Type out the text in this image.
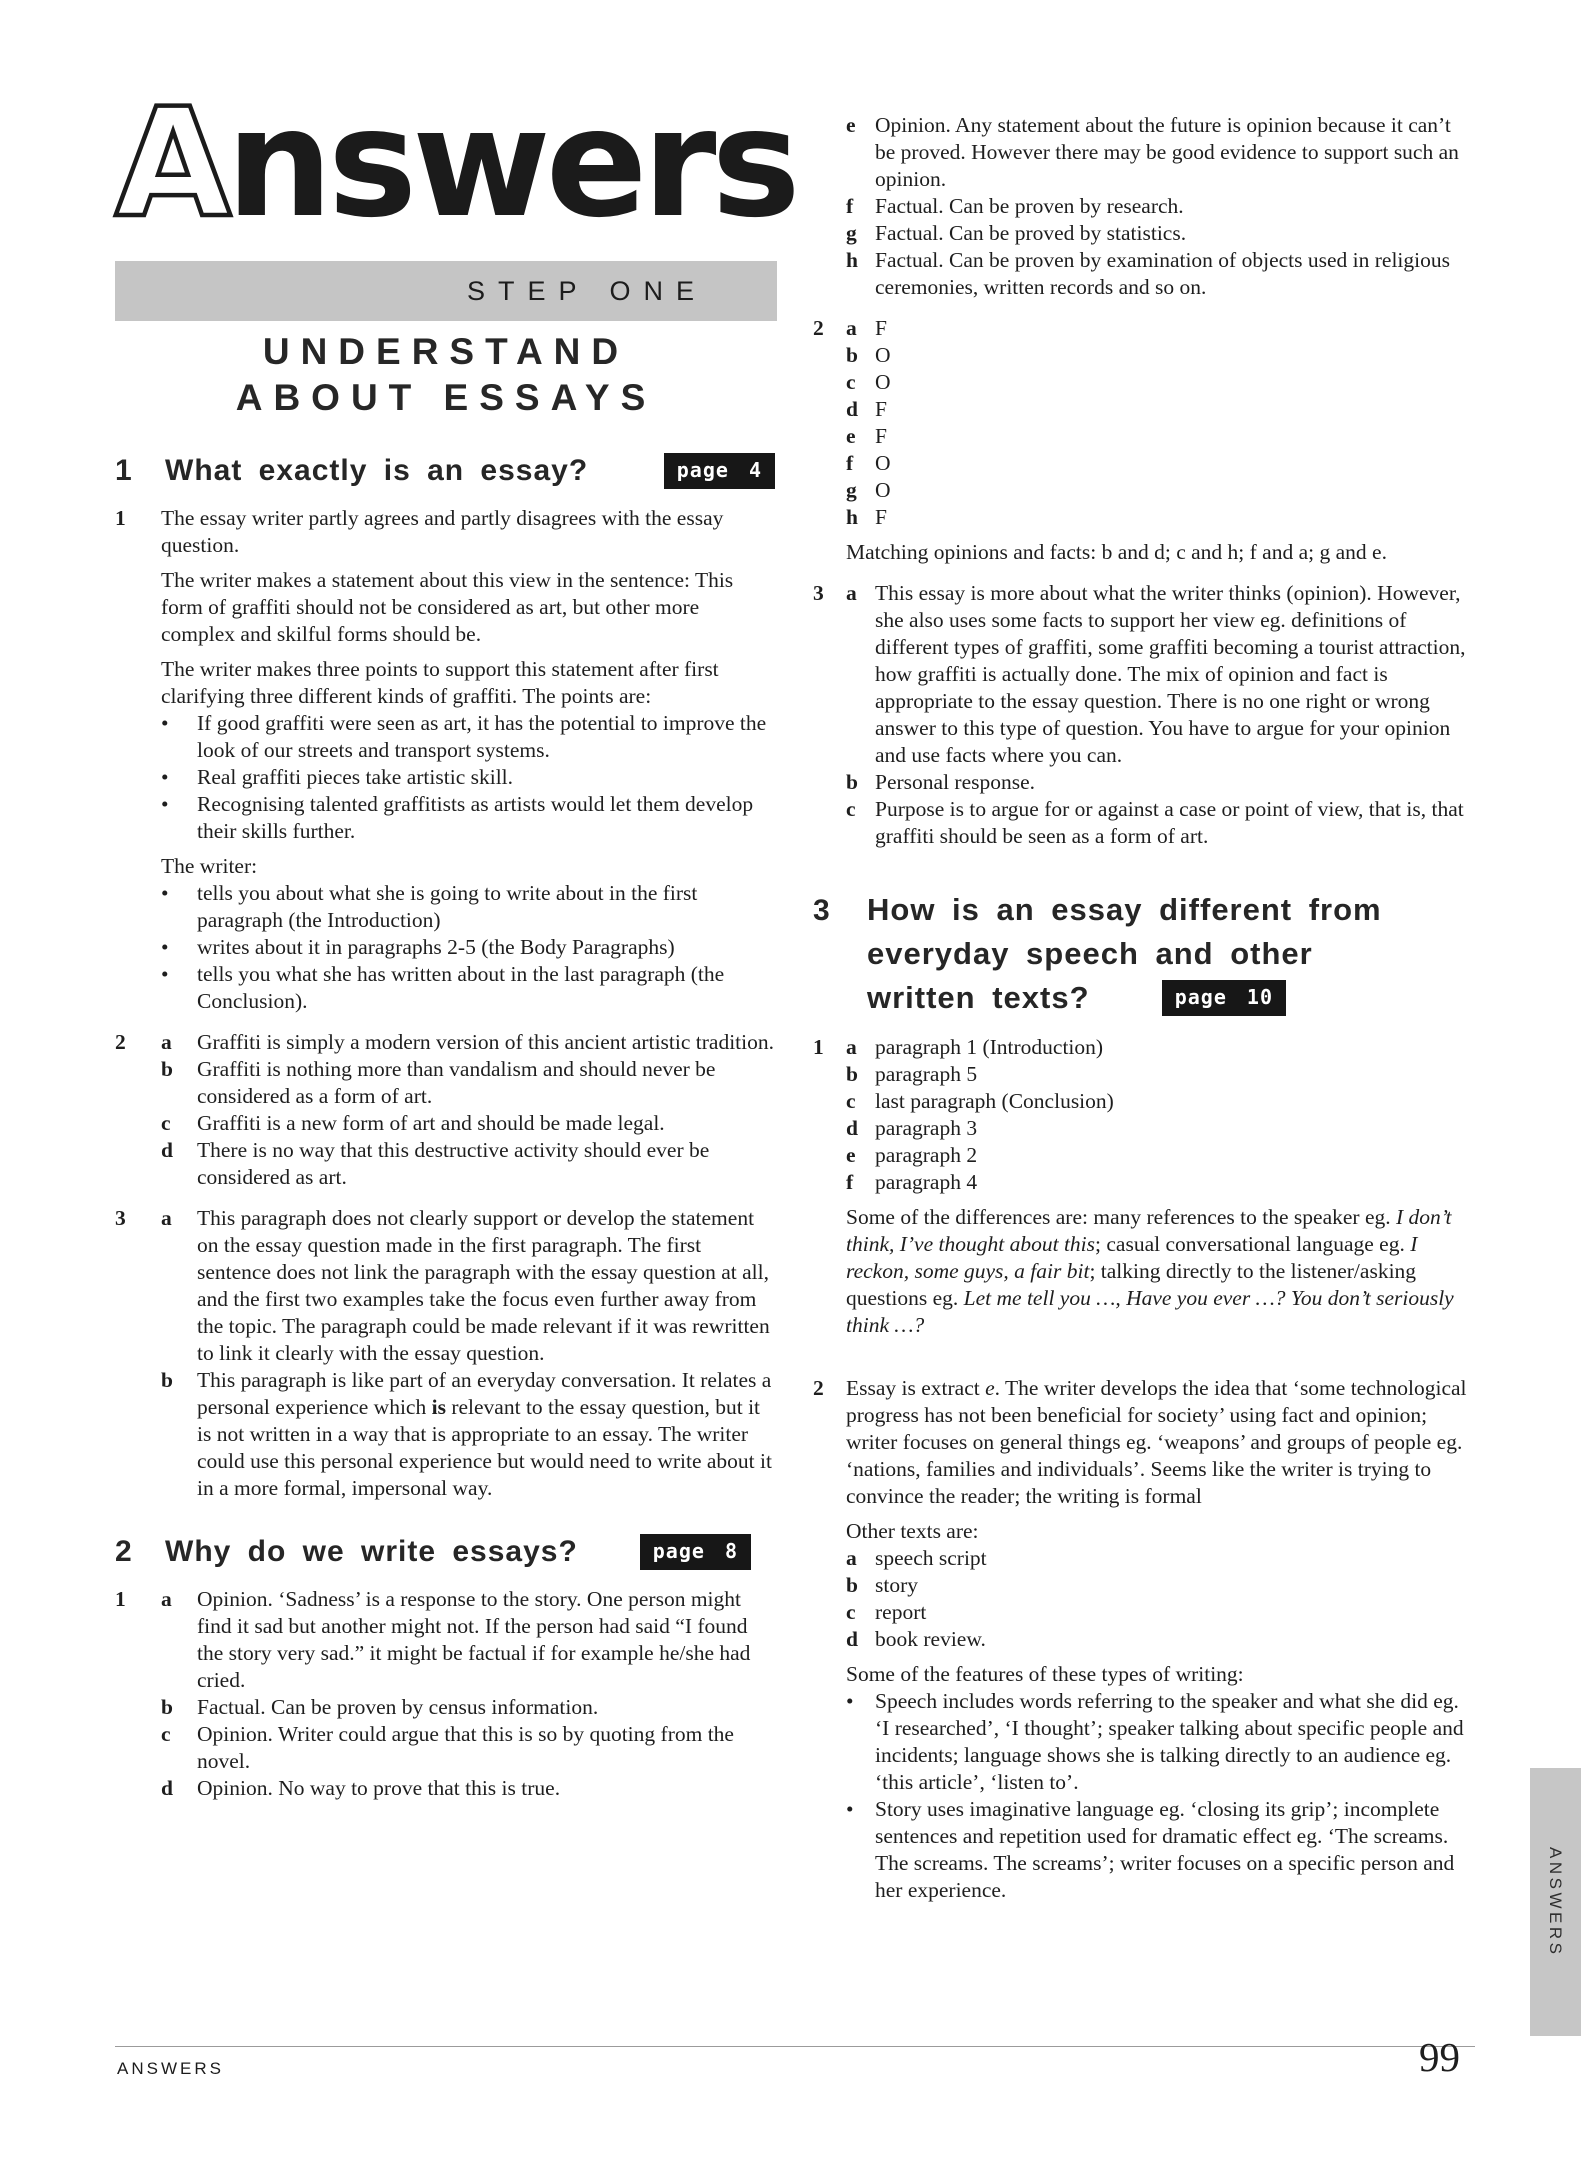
Answers
STEP ONE
UNDERSTAND
ABOUT ESSAYS
1	What exactly is an essay?	page 4
1	The essay writer partly agrees and partly disagrees with the essay question.

The writer makes a statement about this view in the sentence: This form of graffiti should not be considered as art, but other more complex and skilful forms should be.

The writer makes three points to support this statement after first clarifying three different kinds of graffiti. The points are:

•	If good graffiti were seen as art, it has the potential to improve the look of our streets and transport systems.
•	Real graffiti pieces take artistic skill.
•	Recognising talented graffitists as artists would let them develop their skills further.

The writer:

•	tells you about what she is going to write about in the first paragraph (the Introduction)
•	writes about it in paragraphs 2-5 (the Body Paragraphs)
•	tells you what she has written about in the last paragraph (the Conclusion).
2	a	Graffiti is simply a modern version of this ancient artistic tradition.
b	Graffiti is nothing more than vandalism and should never be considered as a form of art.
c	Graffiti is a new form of art and should be made legal.
d	There is no way that this destructive activity should ever be considered as art.
3	a	This paragraph does not clearly support or develop the statement on the essay question made in the first paragraph. The first sentence does not link the paragraph with the essay question at all, and the first two examples take the focus even further away from the topic. The paragraph could be made relevant if it was rewritten to link it clearly with the essay question.
b	This paragraph is like part of an everyday conversation. It relates a personal experience which is relevant to the essay question, but it is not written in a way that is appropriate to an essay. The writer could use this personal experience but would need to write about it in a more formal, impersonal way.
2	Why do we write essays?	page 8
1	a	Opinion. ‘Sadness’ is a response to the story. One person might find it sad but another might not. If the person had said “I found the story very sad.” it might be factual if for example he/she had cried.
b	Factual. Can be proven by census information.
c	Opinion. Writer could argue that this is so by quoting from the novel.
d	Opinion. No way to prove that this is true.
e Opinion. Any statement about the future is opinion because it can’t be proved. However there may be good evidence to support such an opinion.
f	Factual. Can be proven by research.
g Factual. Can be proved by statistics.
h Factual. Can be proven by examination of objects used in religious ceremonies, written records and so on.
2	a F
b O
c O
d F
e F
f	O
g O
h F

Matching opinions and facts: b and d; c and h; f and a; g and e.

3	a This essay is more about what the writer thinks (opinion). However, she also uses some facts to support her view eg. definitions of different types of graffiti, some graffiti becoming a tourist attraction, how graffiti is actually done. The mix of opinion and fact is appropriate to the essay question. There is no one right or wrong answer to this type of question. You have to argue for your opinion and use facts where you can.
b Personal response.
c Purpose is to argue for or against a case or point of view, that is, that graffiti should be seen as a form of art.
3	How is an essay different from
everyday speech and other
written texts?	page 10
1	a paragraph 1 (Introduction)
b paragraph 5
c last paragraph (Conclusion)
d paragraph 3
e paragraph 2
f	paragraph 4

Some of the differences are: many references to the speaker eg. I don’t think, I’ve thought about this; casual conversational language eg. I reckon, some guys, a fair bit; talking directly to the listener/asking questions eg. Let me tell you …, Have you ever …? You don’t seriously think …?

2	Essay is extract e. The writer develops the idea that ‘some technological progress has not been beneficial for society’ using fact and opinion; writer focuses on general things eg. ‘weapons’ and groups of people eg. ‘nations, families and individuals’. Seems like the writer is trying to convince the reader; the writing is formal

Other texts are:

a speech script
b story
c report
d book review.

Some of the features of these types of writing:

• Speech includes words referring to the speaker and what she did eg. ‘I researched’, ‘I thought’; speaker talking about specific people and incidents; language shows she is talking directly to an audience eg. ‘this article’, ‘listen to’.
• Story uses imaginative language eg. ‘closing its grip’; incomplete sentences and repetition used for dramatic effect eg. ‘The screams. The screams. The screams’; writer focuses on a specific person and her experience.
ANSWERS	99
ANSWERS
